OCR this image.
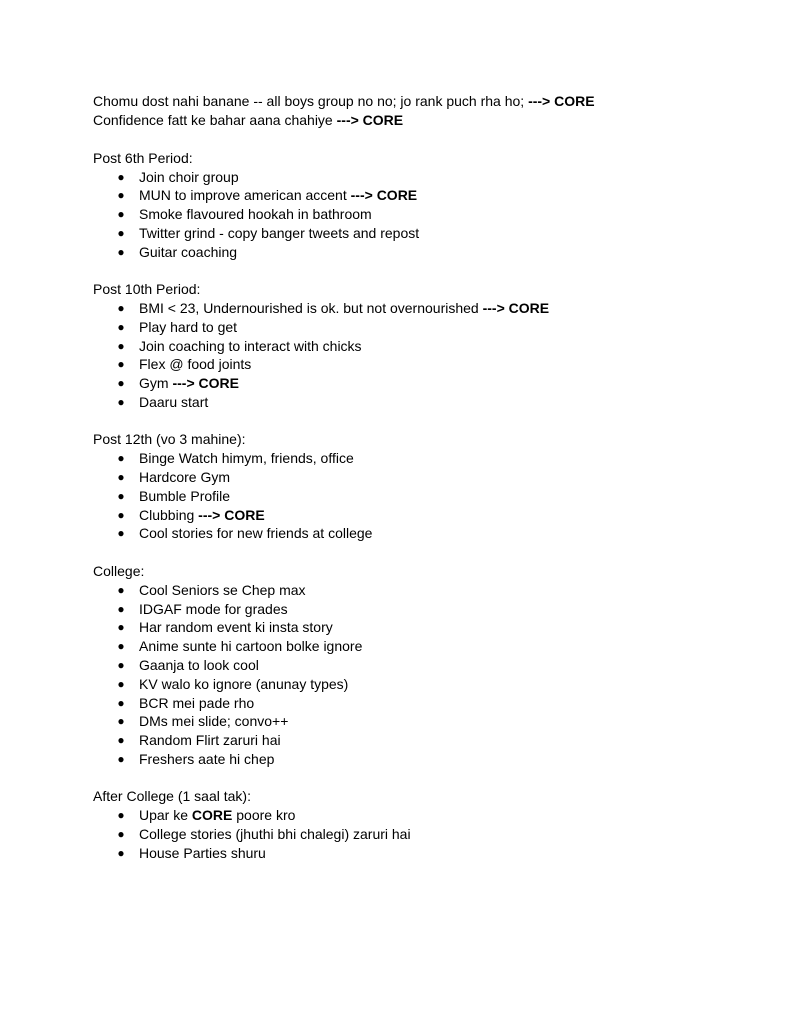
Chomu dost nahi banane -- all boys group no no; jo rank puch rha ho; ---> CORE
Confidence fatt ke bahar aana chahiye ---> CORE
Post 6th Period:
● Join choir group
● MUN to improve american accent ---> CORE
● Smoke flavoured hookah in bathroom
● Twitter grind - copy banger tweets and repost
● Guitar coaching
Post 10th Period:
● BMI < 23, Undernourished is ok. but not overnourished ---> CORE
● Play hard to get
● Join coaching to interact with chicks
● Flex @ food joints
● Gym ---> CORE
● Daaru start
Post 12th (vo 3 mahine):
● Binge Watch himym, friends, office
● Hardcore Gym
● Bumble Profile
● Clubbing ---> CORE
● Cool stories for new friends at college
College:
● Cool Seniors se Chep max
● IDGAF mode for grades
● Har random event ki insta story
● Anime sunte hi cartoon bolke ignore
● Gaanja to look cool
● KV walo ko ignore (anunay types)
● BCR mei pade rho
● DMs mei slide; convo++
● Random Flirt zaruri hai
● Freshers aate hi chep
After College (1 saal tak):
● Upar ke CORE poore kro
● College stories (jhuthi bhi chalegi) zaruri hai
● House Parties shuru
